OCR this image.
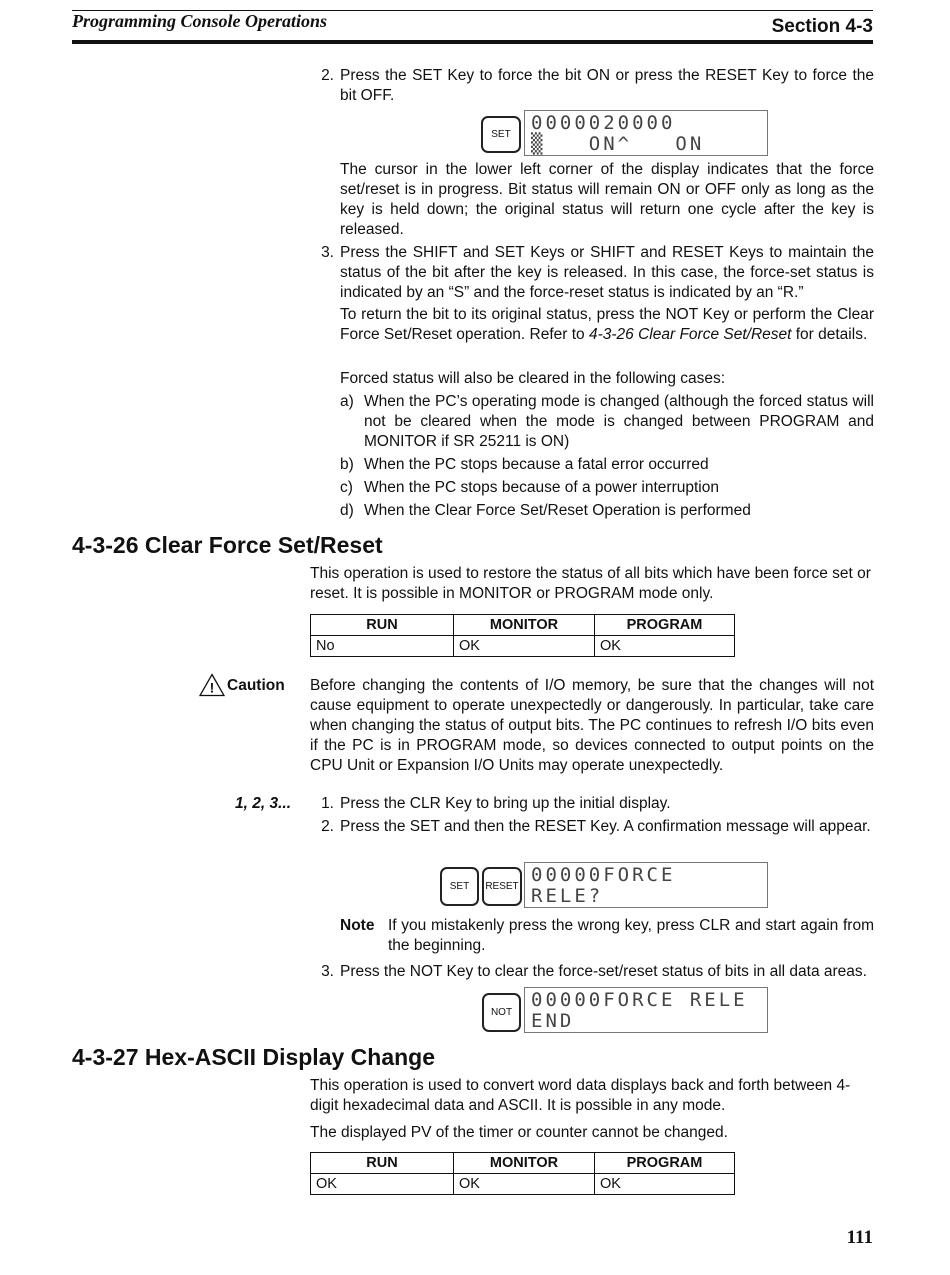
Programming Console Operations	Section 4-3
2. Press the SET Key to force the bit ON or press the RESET Key to force the
bit OFF.
SET	0000020000
▒   ON^   ON
The cursor in the lower left corner of the display indicates that the force set/reset is in progress. Bit status will remain ON or OFF only as long as the key is held down; the original status will return one cycle after the key is released.
3. Press the SHIFT and SET Keys or SHIFT and RESET Keys to maintain the status of the bit after the key is released. In this case, the force-set status is indicated by an “S” and the force-reset status is indicated by an “R.”
To return the bit to its original status, press the NOT Key or perform the Clear Force Set/Reset operation. Refer to 4-3-26 Clear Force Set/Reset for details.
Forced status will also be cleared in the following cases:
a) When the PC’s operating mode is changed (although the forced status will not be cleared when the mode is changed between PROGRAM and MONITOR if SR 25211 is ON)
b) When the PC stops because a fatal error occurred
c) When the PC stops because of a power interruption
d) When the Clear Force Set/Reset Operation is performed
4-3-26 Clear Force Set/Reset
This operation is used to restore the status of all bits which have been force set or reset. It is possible in MONITOR or PROGRAM mode only.
RUN	MONITOR	PROGRAM
No	OK	OK
! Caution Before changing the contents of I/O memory, be sure that the changes will not cause equipment to operate unexpectedly or dangerously. In particular, take care when changing the status of output bits. The PC continues to refresh I/O bits even if the PC is in PROGRAM mode, so devices connected to output points on the CPU Unit or Expansion I/O Units may operate unexpectedly.
1, 2, 3...	1. Press the CLR Key to bring up the initial display.
2. Press the SET and then the RESET Key. A confirmation message will appear.
SET	RESET 00000FORCE RELE?
Note If you mistakenly press the wrong key, press CLR and start again from the beginning.
3. Press the NOT Key to clear the force-set/reset status of bits in all data areas.
NOT
00000FORCE RELE
END
4-3-27 Hex-ASCII Display Change
This operation is used to convert word data displays back and forth between 4-digit hexadecimal data and ASCII. It is possible in any mode.
The displayed PV of the timer or counter cannot be changed.
RUN	MONITOR	PROGRAM
OK	OK	OK
111
